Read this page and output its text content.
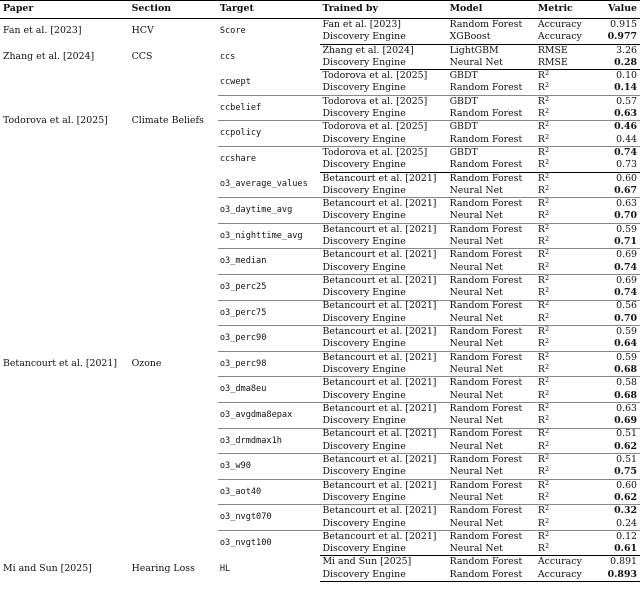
Paper	Section	Target	Trained by	Model	Metric	Value
Fan et al. [2023]	HCV	Score	Fan et al. [2023]	Random Forest	Accuracy	0.915
			Discovery Engine	XGBoost	Accuracy	0.977
Zhang et al. [2024]	CCS	ccs	Zhang et al. [2024]	LightGBM	RMSE	3.26
			Discovery Engine	Neural Net	RMSE	0.28
Todorova et al. [2025]	Climate Beliefs	ccwept	Todorova et al. [2025]	GBDT	$R^2$	0.10
			Discovery Engine	Random Forest	$R^2$	0.14
		ccbelief	Todorova et al. [2025]	GBDT	$R^2$	0.57
			Discovery Engine	Random Forest	$R^2$	0.63
		ccpolicy	Todorova et al. [2025]	GBDT	$R^2$	0.46
			Discovery Engine	Random Forest	$R^2$	0.44
		ccshare	Todorova et al. [2025]	GBDT	$R^2$	0.74
			Discovery Engine	Random Forest	$R^2$	0.73
Betancourt et al. [2021]	Ozone	o3_average_values	Betancourt et al. [2021]	Random Forest	$R^2$	0.60
			Discovery Engine	Neural Net	$R^2$	0.67
		o3_daytime_avg	Betancourt et al. [2021]	Random Forest	$R^2$	0.63
			Discovery Engine	Neural Net	$R^2$	0.70
		o3_nighttime_avg	Betancourt et al. [2021]	Random Forest	$R^2$	0.59
			Discovery Engine	Neural Net	$R^2$	0.71
		o3_median	Betancourt et al. [2021]	Random Forest	$R^2$	0.69
			Discovery Engine	Neural Net	$R^2$	0.74
		o3_perc25	Betancourt et al. [2021]	Random Forest	$R^2$	0.69
			Discovery Engine	Neural Net	$R^2$	0.74
		o3_perc75	Betancourt et al. [2021]	Random Forest	$R^2$	0.56
			Discovery Engine	Neural Net	$R^2$	0.70
		o3_perc90	Betancourt et al. [2021]	Random Forest	$R^2$	0.59
			Discovery Engine	Neural Net	$R^2$	0.64
		o3_perc98	Betancourt et al. [2021]	Random Forest	$R^2$	0.59
			Discovery Engine	Neural Net	$R^2$	0.68
		o3_dma8eu	Betancourt et al. [2021]	Random Forest	$R^2$	0.58
			Discovery Engine	Neural Net	$R^2$	0.68
		o3_avgdma8epax	Betancourt et al. [2021]	Random Forest	$R^2$	0.63
			Discovery Engine	Neural Net	$R^2$	0.69
		o3_drmdmax1h	Betancourt et al. [2021]	Random Forest	$R^2$	0.51
			Discovery Engine	Neural Net	$R^2$	0.62
		o3_w90	Betancourt et al. [2021]	Random Forest	$R^2$	0.51
			Discovery Engine	Neural Net	$R^2$	0.75
		o3_aot40	Betancourt et al. [2021]	Random Forest	$R^2$	0.60
			Discovery Engine	Neural Net	$R^2$	0.62
		o3_nvgt070	Betancourt et al. [2021]	Random Forest	$R^2$	0.32
			Discovery Engine	Neural Net	$R^2$	0.24
		o3_nvgt100	Betancourt et al. [2021]	Random Forest	$R^2$	0.12
			Discovery Engine	Neural Net	$R^2$	0.61
Mi and Sun [2025]	Hearing Loss	HL	Mi and Sun [2025]	Random Forest	Accuracy	0.891
			Discovery Engine	Random Forest	Accuracy	0.893
